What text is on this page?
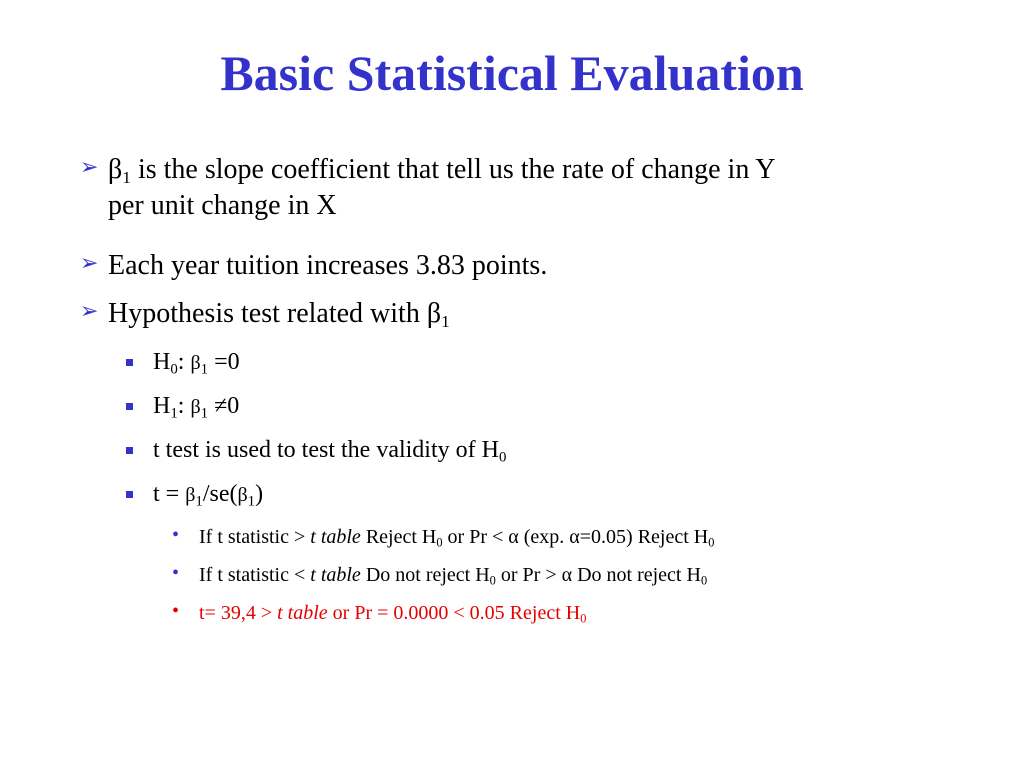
Basic Statistical Evaluation
➢ $\beta_1$ is the slope coefficient that tell us the rate of change in Y
per unit change in X
➢ Each year tuition increases 3.83 points.
➢ Hypothesis test related with $\beta_1$
$H_0$: $\beta_1 =0$
$H_1$: $\beta_1 \ne 0$
t test is used to test the validity of $H_0$
$t = \beta_1/se(\beta_1)$
• If t statistic > t table Reject $H_0$ or Pr < α (exp. α=0.05) Reject $H_0$
• If t statistic < t table Do not reject $H_0$ or Pr > α Do not reject $H_0$
• t= 39,4 > t table or Pr = 0.0000 < 0.05 Reject $H_0$
